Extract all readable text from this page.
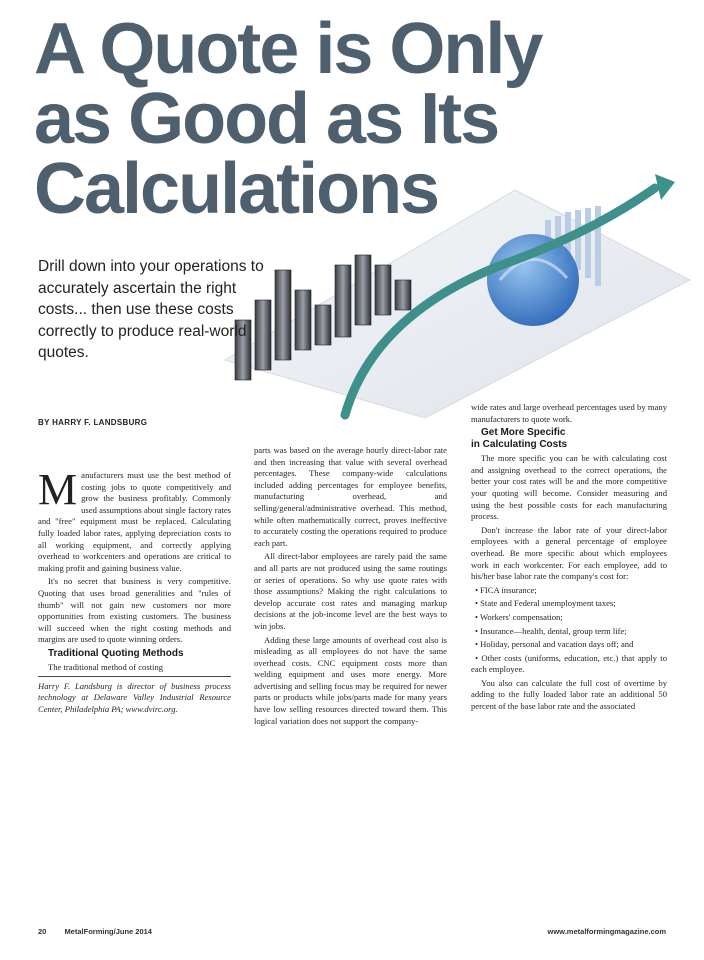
A Quote is Only
as Good as Its
Calculations

Drill down into your operations to accurately ascertain the right costs... then use these costs correctly to produce real-world quotes.

BY HARRY F. LANDSBURG

Manufacturers must use the best method of costing jobs to quote competitively and grow the business profitably. Commonly used assumptions about single factory rates and "free" equipment must be replaced. Calculating fully loaded labor rates, applying depreciation costs to all working equipment, and correctly applying overhead to workcenters and operations are critical to making profit and gaining business value.

It's no secret that business is very competitive. Quoting that uses broad generalities and "rules of thumb" will not gain new customers nor more opportunities from existing customers. The business will succeed when the right costing methods and margins are used to quote winning orders.

Traditional Quoting Methods

The traditional method of costing

Harry F. Landsburg is director of business process technology at Delaware Valley Industrial Resource Center, Philadelphia PA; www.dvirc.org.

parts was based on the average hourly direct-labor rate and then increasing that value with several overhead percentages. These company-wide calculations included adding percentages for employee benefits, manufacturing overhead, and selling/general/administrative overhead. This method, while often mathematically correct, proves ineffective to accurately costing the operations required to produce each part.

All direct-labor employees are rarely paid the same and all parts are not produced using the same routings or series of operations. So why use quote rates with those assumptions? Making the right calculations to develop accurate cost rates and managing markup decisions at the job-income level are the best ways to win jobs.

Adding these large amounts of overhead cost also is misleading as all employees do not have the same overhead costs. CNC equipment costs more than welding equipment and uses more energy. More advertising and selling focus may be required for newer parts or products while jobs/parts made for many years have low selling resources directed toward them. This logical variation does not support the company-

wide rates and large overhead percentages used by many manufacturers to quote work.

Get More Specific
in Calculating Costs

The more specific you can be with calculating cost and assigning overhead to the correct operations, the better your cost rates will be and the more competitive your quoting will become. Consider measuring and using the best possible costs for each manufacturing process.

Don't increase the labor rate of your direct-labor employees with a general percentage of employee overhead. Be more specific about which employees work in each workcenter. For each employee, add to his/her base labor rate the company's cost for:

• FICA insurance;

• State and Federal unemployment taxes;

• Workers' compensation;

• Insurance—health, dental, group term life;

• Holiday, personal and vacation days off; and

• Other costs (uniforms, education, etc.) that apply to each employee.

You also can calculate the full cost of overtime by adding to the fully loaded labor rate an additional 50 percent of the base labor rate and the associated

20 MetalForming/June 2014	www.metalformingmagazine.com
